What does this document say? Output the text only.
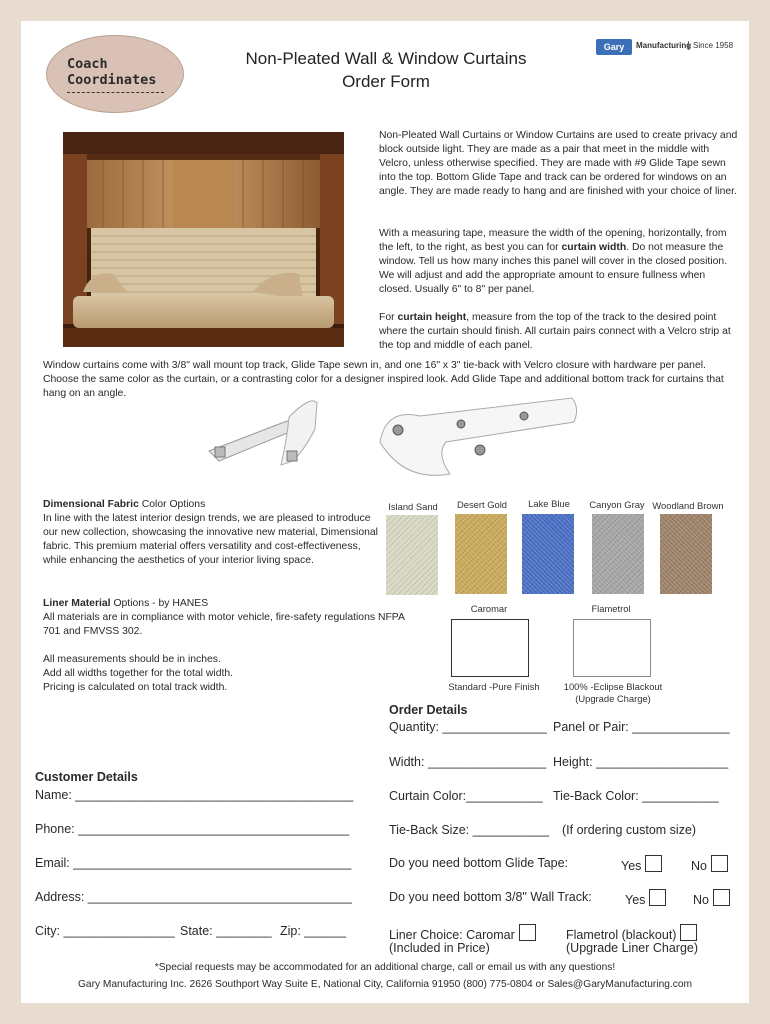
Coach
Coordinates
Non-Pleated Wall & Window Curtains
Order Form
Gary	Manufacturing Since 1958
Non-Pleated Wall Curtains or Window Curtains are used to create privacy and block outside light. They are made as a pair that meet in the middle with Velcro, unless otherwise specified. They are made with #9 Glide Tape sewn into the top. Bottom Glide Tape and track can be ordered for windows on an angle. They are made ready to hang and are finished with your choice of liner.
With a measuring tape, measure the width of the opening, horizontally, from the left, to the right, as best you can for curtain width. Do not measure the window. Tell us how many inches this panel will cover in the closed position. We will adjust and add the appropriate amount to ensure fullness when closed. Usually 6" to 8" per panel.
For curtain height, measure from the top of the track to the desired point where the curtain should finish. All curtain pairs connect with a Velcro strip at the top and middle of each panel.
Window curtains come with 3/8" wall mount top track, Glide Tape sewn in, and one 16" x 3" tie-back with Velcro closure with hardware per panel. Choose the same color as the curtain, or a contrasting color for a designer inspired look. Add Glide Tape and additional bottom track for curtains that hang on an angle.
Dimensional Fabric Color Options
In line with the latest interior design trends, we are pleased to introduce our new collection, showcasing the innovative new material, Dimensional fabric. This premium material offers versatility and cost-effectiveness, while enhancing the aesthetics of your interior living space.
Island Sand	Desert Gold	Lake Blue	Canyon Gray Woodland Brown
Liner Material Options - by HANES
All materials are in compliance with motor vehicle, fire-safety regulations NFPA 701 and FMVSS 302.
Caromar	Flametrol
Standard -Pure Finish	100% -Eclipse Blackout
(Upgrade Charge)
All measurements should be in inches.
Add all widths together for the total width.
Pricing is calculated on total track width.
Order Details
Quantity: _______________ Panel or Pair: ______________
Width: _________________ Height: ___________________
Curtain Color:___________ Tie-Back Color: ___________
Tie-Back Size: ___________ (If ordering custom size)
Do you need bottom Glide Tape:	Yes	No
Do you need bottom 3/8" Wall Track:	Yes	No
Liner Choice: Caromar	Flametrol (blackout)
(Included in Price)	(Upgrade Liner Charge)
Customer Details
Name: ________________________________________
Phone: _______________________________________
Email: ________________________________________
Address: ______________________________________
City: ________________ State: ________ Zip: ______
*Special requests may be accommodated for an additional charge, call or email us with any questions!
Gary Manufacturing Inc. 2626 Southport Way Suite E, National City, California 91950 (800) 775-0804 or Sales@GaryManufacturing.com
